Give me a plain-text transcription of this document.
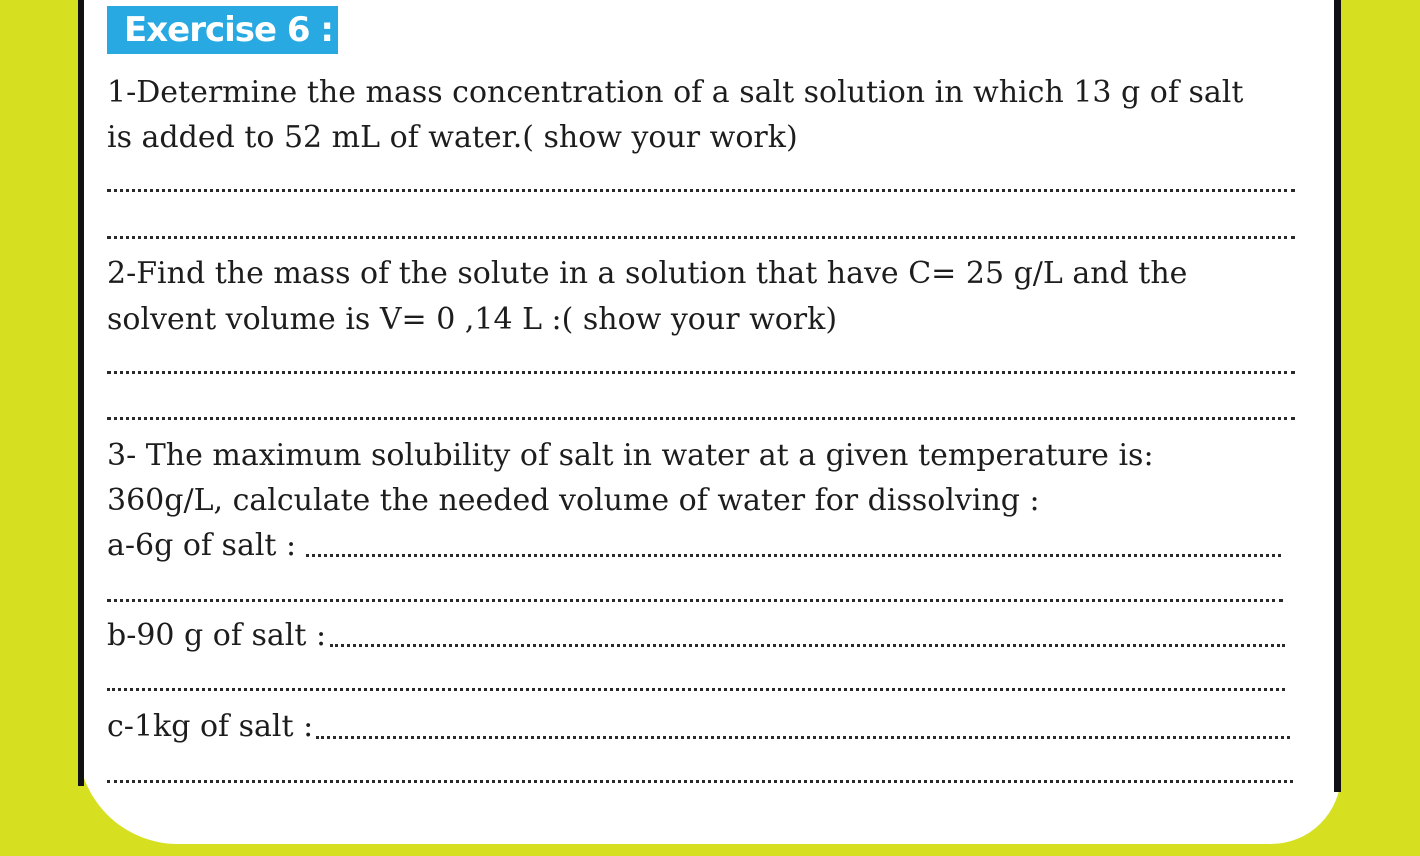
Exercise 6 :
1-Determine the mass concentration of a salt solution in which 13 g of salt
is added to 52 mL of water.( show your work)
2-Find the mass of the solute in a solution that have C= 25 g/L and the
solvent volume is V= 0 ,14 L :( show your work)
3- The maximum solubility of salt in water at a given temperature is:
360g/L, calculate the needed volume of water for dissolving :
a-6g of salt :
b-90 g of salt :
c-1kg of salt :
